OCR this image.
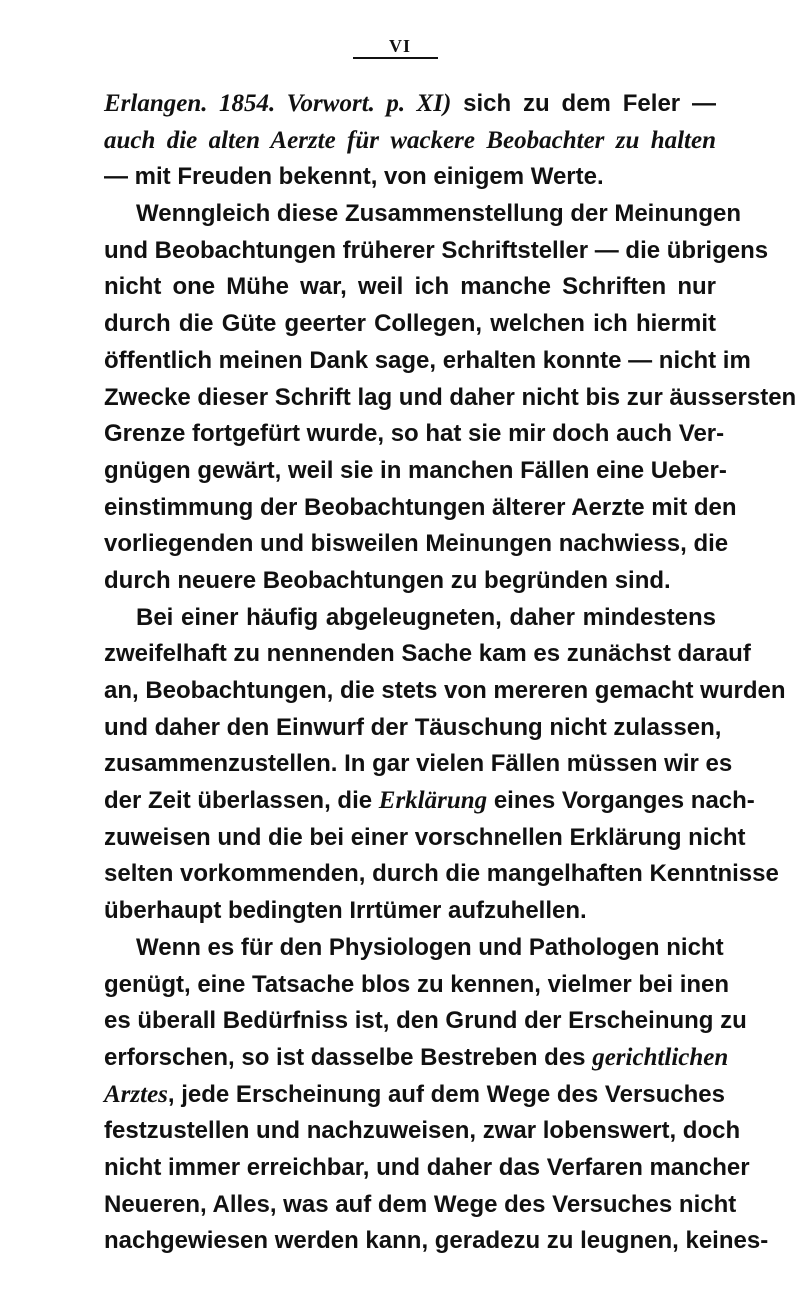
VI
Erlangen. 1854. Vorwort. p. XI) sich zu dem Feler —
auch die alten Aerzte für wackere Beobachter zu halten
— mit Freuden bekennt, von einigem Werte.
Wenngleich diese Zusammenstellung der Meinungen
und Beobachtungen früherer Schriftsteller — die übrigens
nicht one Mühe war, weil ich manche Schriften nur
durch die Güte geerter Collegen, welchen ich hiermit
öffentlich meinen Dank sage, erhalten konnte — nicht im
Zwecke dieser Schrift lag und daher nicht bis zur äussersten
Grenze fortgefürt wurde, so hat sie mir doch auch Ver-
gnügen gewärt, weil sie in manchen Fällen eine Ueber-
einstimmung der Beobachtungen älterer Aerzte mit den
vorliegenden und bisweilen Meinungen nachwiess, die
durch neuere Beobachtungen zu begründen sind.
Bei einer häufig abgeleugneten, daher mindestens
zweifelhaft zu nennenden Sache kam es zunächst darauf
an, Beobachtungen, die stets von mereren gemacht wurden
und daher den Einwurf der Täuschung nicht zulassen,
zusammenzustellen. In gar vielen Fällen müssen wir es
der Zeit überlassen, die Erklärung eines Vorganges nach-
zuweisen und die bei einer vorschnellen Erklärung nicht
selten vorkommenden, durch die mangelhaften Kenntnisse
überhaupt bedingten Irrtümer aufzuhellen.
Wenn es für den Physiologen und Pathologen nicht
genügt, eine Tatsache blos zu kennen, vielmer bei inen
es überall Bedürfniss ist, den Grund der Erscheinung zu
erforschen, so ist dasselbe Bestreben des gerichtlichen
Arztes, jede Erscheinung auf dem Wege des Versuches
festzustellen und nachzuweisen, zwar lobenswert, doch
nicht immer erreichbar, und daher das Verfaren mancher
Neueren, Alles, was auf dem Wege des Versuches nicht
nachgewiesen werden kann, geradezu zu leugnen, keines-
